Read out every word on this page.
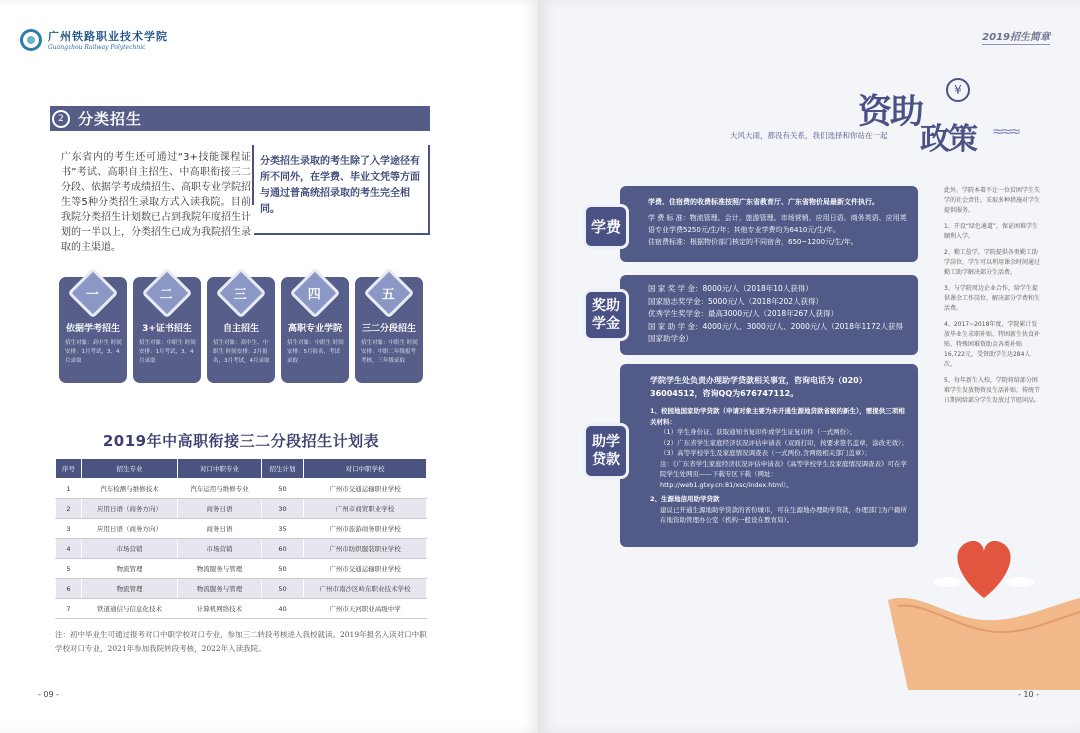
广州铁路职业技术学院
Guangzhou Railway Polytechnic
2 分类招生
广东省内的考生还可通过“3+技能课程证书”考试、高职自主招生、中高职衔接三二分段、依据学考成绩招生、高职专业学院招生等5种分类招生录取方式入读我院。目前我院分类招生计划数已占到我院年度招生计划的一半以上，分类招生已成为我院招生录取的主渠道。
分类招生录取的考生除了入学途径有所不同外，在学费、毕业文凭等方面与通过普高统招录取的考生完全相同。
一
依据学考招生
招生对象：高中生 时间安排：1月考试，3、4月录取
二
3+证书招生
招生对象：中职生 时间安排：1月考试，3、4月录取
三
自主招生
招生对象：高中生、中职生 时间安排：2月报名，3月考试，4月录取
四
高职专业学院
招生对象：中职生 时间安排：5月报名，考试录取
五
三二分段招生
招生对象：中职生 时间安排：中职二年级报考考核，三年级录取
2019年中高职衔接三二分段招生计划表
序号	招生专业	对口中职专业	招生计划	对口中职学校
1	汽车检测与维修技术	汽车运用与维修专业	50	广州市交通运输职业学校
2	应用日语（商务方向）	商务日语	30	广州市商贸职业学校
3	应用日语（商务方向）	商务日语	35	广州市旅游商务职业学校
4	市场营销	市场营销	60	广州市纺织服装职业学校
5	物流管理	物流服务与管理	50	广州市交通运输职业学校
6	物流管理	物流服务与管理	50	广州市南沙区岭东职业技术学校
7	铁道通信与信息化技术	计算机网络技术	40	广州市天河职业高级中学
注：初中毕业生可通过报考对口中职学校对口专业，参加三二转段考核进入我校就读。2019年报名入读对口中职学校对口专业，2021年参加我院转段考核，2022年入读我院。
- 09 -
2019招生简章
资助
¥
政策 ≈≈≈
大风大雨，都没有关系，我们选择和你站在一起
学费、住宿费的收费标准按照广东省教育厅、广东省物价局最新文件执行。
学 费 标 准：物流管理、会计、旅游管理、市场营销、应用日语、商务英语、应用英语专业学费5250元/生/年；其他专业学费均为6410元/生/年。
住宿费标准：根据物价部门核定的不同宿舍，650~1200元/生/年。
学费
国 家 奖 学 金：8000元/人（2018年10人获得）
国家励志奖学金：5000元/人（2018年202人获得）
优秀学生奖学金：最高3000元/人（2018年267人获得）
国 家 助 学 金：4000元/人、3000元/人、2000元/人（2018年1172人获得国家助学金）
奖助学金
学院学生处负责办理助学贷款相关事宜，咨询电话为（020）36004512，咨询QQ为676747112。
1、校园地国家助学贷款（申请对象主要为未开通生源地贷款省级的新生），需提供三项相关材料：
（1）学生身份证、获取通知书复印件或学生证复印件（一式两份）；
（2）广东省学生家庭经济状况评估申请表（双面打印，按要求签名盖章，涂改无效）；
（3）高等学校学生及家庭情况调查表（一式两份,含两级相关部门盖章）；
注：《广东省学生家庭经济状况评估申请表》《高等学校学生及家庭情况调查表》可在学院学生处网页——下载专区下载（网址：http://web1.gtxy.cn:81/xsc/index.html）。
2、生源地信用助学贷款
建议已开通生源地助学贷款的省份城市，可在生源地办理助学贷款，办理部门为户籍所在地资助管理办公室（机构一般设在教育局）。
助学贷款

此外，学院本着不让一位贫困学生失学的社会责任，采取多种措施对学生提供服务。

1、开设“绿色通道”，保证困难学生顺利入学。

2、勤工俭学，学院提供各类勤工助学岗位，学生可以利用课余时间通过勤工助学解决部分生活费。

3、与学院周边企业合作，给学生提供课余工作岗位，解决部分学费和生活费。

4、2017~2018年度，学院累计发放毕业生求职补贴、特困新生伙食补贴、特殊困难资助金各类补贴16,722元，受资助学生达284人次。

5、每年新生入校，学院将给部分困难学生发放物资及生活补贴，传统节日期间给部分学生发放过节慰问品。

- 10 -
